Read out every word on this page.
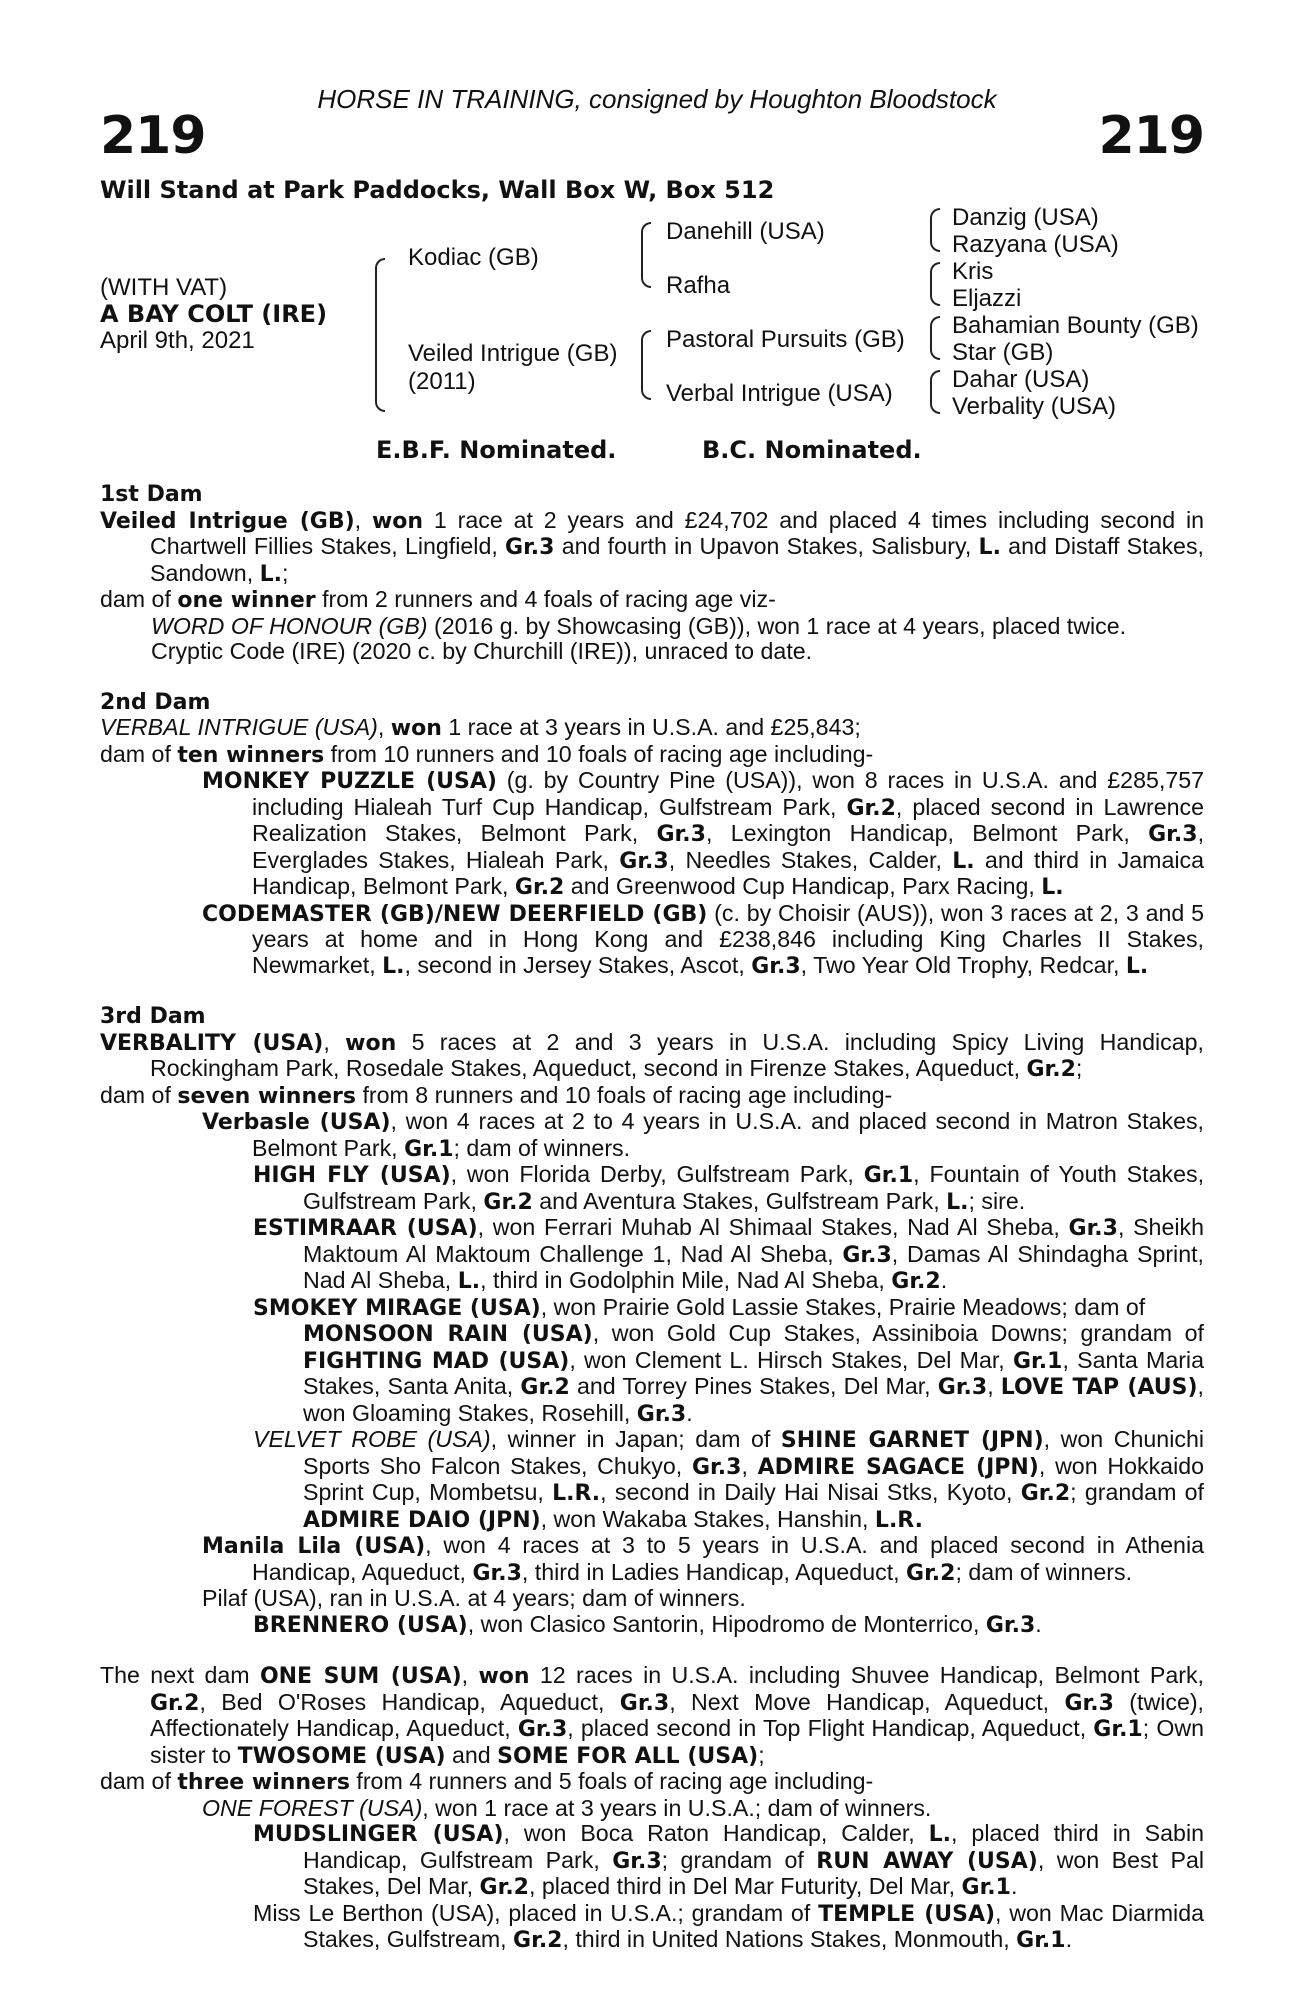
HORSE IN TRAINING, consigned by Houghton Bloodstock
219	219
Will Stand at Park Paddocks, Wall Box W, Box 512
(WITH VAT)
A BAY COLT (IRE)
April 9th, 2021
Kodiac (GB)
Veiled Intrigue (GB)
(2011)
Danehill (USA)
Rafha
Pastoral Pursuits (GB)
Verbal Intrigue (USA)
Danzig (USA)
Razyana (USA)
Kris
Eljazzi
Bahamian Bounty (GB)
Star (GB)
Dahar (USA)
Verbality (USA)
E.B.F. Nominated.	B.C. Nominated.

1st Dam

Veiled Intrigue (GB), won 1 race at 2 years and £24,702 and placed 4 times including second in Chartwell Fillies Stakes, Lingfield, Gr.3 and fourth in Upavon Stakes, Salisbury, L. and Distaff Stakes, Sandown, L.;

dam of one winner from 2 runners and 4 foals of racing age viz-

WORD OF HONOUR (GB) (2016 g. by Showcasing (GB)), won 1 race at 4 years, placed twice.

Cryptic Code (IRE) (2020 c. by Churchill (IRE)), unraced to date.

2nd Dam

VERBAL INTRIGUE (USA), won 1 race at 3 years in U.S.A. and £25,843;

dam of ten winners from 10 runners and 10 foals of racing age including-

MONKEY PUZZLE (USA) (g. by Country Pine (USA)), won 8 races in U.S.A. and £285,757 including Hialeah Turf Cup Handicap, Gulfstream Park, Gr.2, placed second in Lawrence Realization Stakes, Belmont Park, Gr.3, Lexington Handicap, Belmont Park, Gr.3, Everglades Stakes, Hialeah Park, Gr.3, Needles Stakes, Calder, L. and third in Jamaica Handicap, Belmont Park, Gr.2 and Greenwood Cup Handicap, Parx Racing, L.

CODEMASTER (GB)/NEW DEERFIELD (GB) (c. by Choisir (AUS)), won 3 races at 2, 3 and 5 years at home and in Hong Kong and £238,846 including King Charles II Stakes, Newmarket, L., second in Jersey Stakes, Ascot, Gr.3, Two Year Old Trophy, Redcar, L.

3rd Dam

VERBALITY (USA), won 5 races at 2 and 3 years in U.S.A. including Spicy Living Handicap, Rockingham Park, Rosedale Stakes, Aqueduct, second in Firenze Stakes, Aqueduct, Gr.2;

dam of seven winners from 8 runners and 10 foals of racing age including-

Verbasle (USA), won 4 races at 2 to 4 years in U.S.A. and placed second in Matron Stakes, Belmont Park, Gr.1; dam of winners.

HIGH FLY (USA), won Florida Derby, Gulfstream Park, Gr.1, Fountain of Youth Stakes, Gulfstream Park, Gr.2 and Aventura Stakes, Gulfstream Park, L.; sire.

ESTIMRAAR (USA), won Ferrari Muhab Al Shimaal Stakes, Nad Al Sheba, Gr.3, Sheikh Maktoum Al Maktoum Challenge 1, Nad Al Sheba, Gr.3, Damas Al Shindagha Sprint, Nad Al Sheba, L., third in Godolphin Mile, Nad Al Sheba, Gr.2.

SMOKEY MIRAGE (USA), won Prairie Gold Lassie Stakes, Prairie Meadows; dam of
MONSOON RAIN (USA), won Gold Cup Stakes, Assiniboia Downs; grandam of FIGHTING MAD (USA), won Clement L. Hirsch Stakes, Del Mar, Gr.1, Santa Maria Stakes, Santa Anita, Gr.2 and Torrey Pines Stakes, Del Mar, Gr.3, LOVE TAP (AUS), won Gloaming Stakes, Rosehill, Gr.3.

VELVET ROBE (USA), winner in Japan; dam of SHINE GARNET (JPN), won Chunichi Sports Sho Falcon Stakes, Chukyo, Gr.3, ADMIRE SAGACE (JPN), won Hokkaido Sprint Cup, Mombetsu, L.R., second in Daily Hai Nisai Stks, Kyoto, Gr.2; grandam of ADMIRE DAIO (JPN), won Wakaba Stakes, Hanshin, L.R.

Manila Lila (USA), won 4 races at 3 to 5 years in U.S.A. and placed second in Athenia Handicap, Aqueduct, Gr.3, third in Ladies Handicap, Aqueduct, Gr.2; dam of winners.

Pilaf (USA), ran in U.S.A. at 4 years; dam of winners.

BRENNERO (USA), won Clasico Santorin, Hipodromo de Monterrico, Gr.3.

The next dam ONE SUM (USA), won 12 races in U.S.A. including Shuvee Handicap, Belmont Park, Gr.2, Bed O'Roses Handicap, Aqueduct, Gr.3, Next Move Handicap, Aqueduct, Gr.3 (twice), Affectionately Handicap, Aqueduct, Gr.3, placed second in Top Flight Handicap, Aqueduct, Gr.1; Own sister to TWOSOME (USA) and SOME FOR ALL (USA);

dam of three winners from 4 runners and 5 foals of racing age including-

ONE FOREST (USA), won 1 race at 3 years in U.S.A.; dam of winners.

MUDSLINGER (USA), won Boca Raton Handicap, Calder, L., placed third in Sabin Handicap, Gulfstream Park, Gr.3; grandam of RUN AWAY (USA), won Best Pal Stakes, Del Mar, Gr.2, placed third in Del Mar Futurity, Del Mar, Gr.1.

Miss Le Berthon (USA), placed in U.S.A.; grandam of TEMPLE (USA), won Mac Diarmida Stakes, Gulfstream, Gr.2, third in United Nations Stakes, Monmouth, Gr.1.
